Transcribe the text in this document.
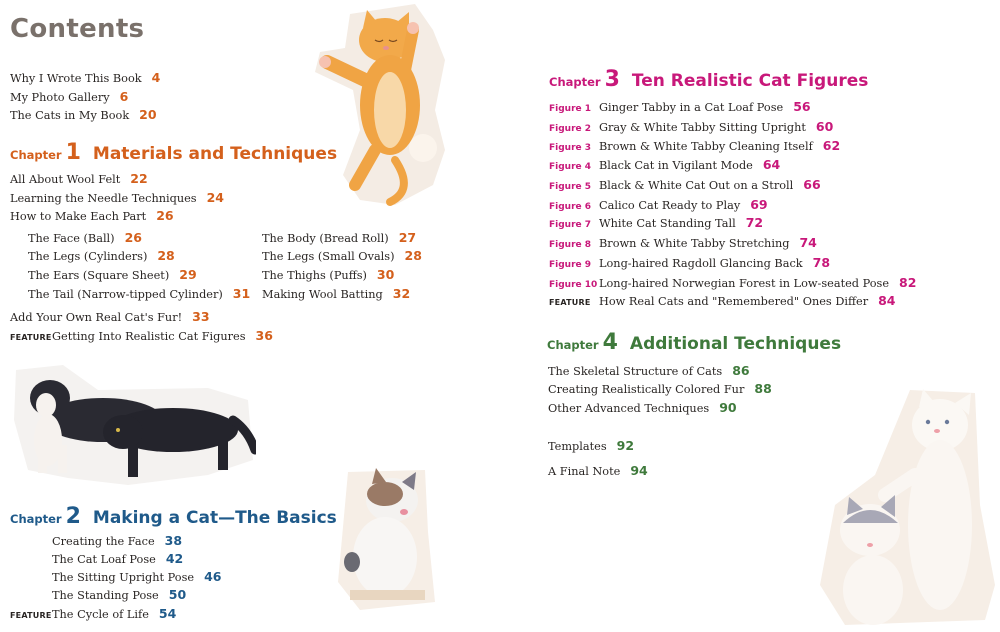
Contents
Why I Wrote This Book 4
My Photo Gallery 6
The Cats in My Book 20
Chapter 1 Materials and Techniques
All About Wool Felt 22
Learning the Needle Techniques 24
How to Make Each Part 26
The Face (Ball) 26
The Legs (Cylinders) 28
The Ears (Square Sheet) 29
The Tail (Narrow-tipped Cylinder) 31
The Body (Bread Roll) 27
The Legs (Small Ovals) 28
The Thighs (Puffs) 30
Making Wool Batting 32
Add Your Own Real Cat's Fur! 33
FEATUREGetting Into Realistic Cat Figures 36
Chapter 2 Making a Cat—The Basics
Creating the Face 38
The Cat Loaf Pose 42
The Sitting Upright Pose 46
The Standing Pose 50
FEATUREThe Cycle of Life 54
Chapter 3 Ten Realistic Cat Figures
Figure 1 Ginger Tabby in a Cat Loaf Pose 56
Figure 2 Gray & White Tabby Sitting Upright 60
Figure 3 Brown & White Tabby Cleaning Itself 62
Figure 4 Black Cat in Vigilant Mode 64
Figure 5 Black & White Cat Out on a Stroll 66
Figure 6 Calico Cat Ready to Play 69
Figure 7 White Cat Standing Tall 72
Figure 8 Brown & White Tabby Stretching 74
Figure 9 Long-haired Ragdoll Glancing Back 78
Figure 10 Long-haired Norwegian Forest in Low-seated Pose 82
FEATURE How Real Cats and "Remembered" Ones Differ 84
Chapter 4 Additional Techniques
The Skeletal Structure of Cats 86
Creating Realistically Colored Fur 88
Other Advanced Techniques 90
Templates 92
A Final Note 94
